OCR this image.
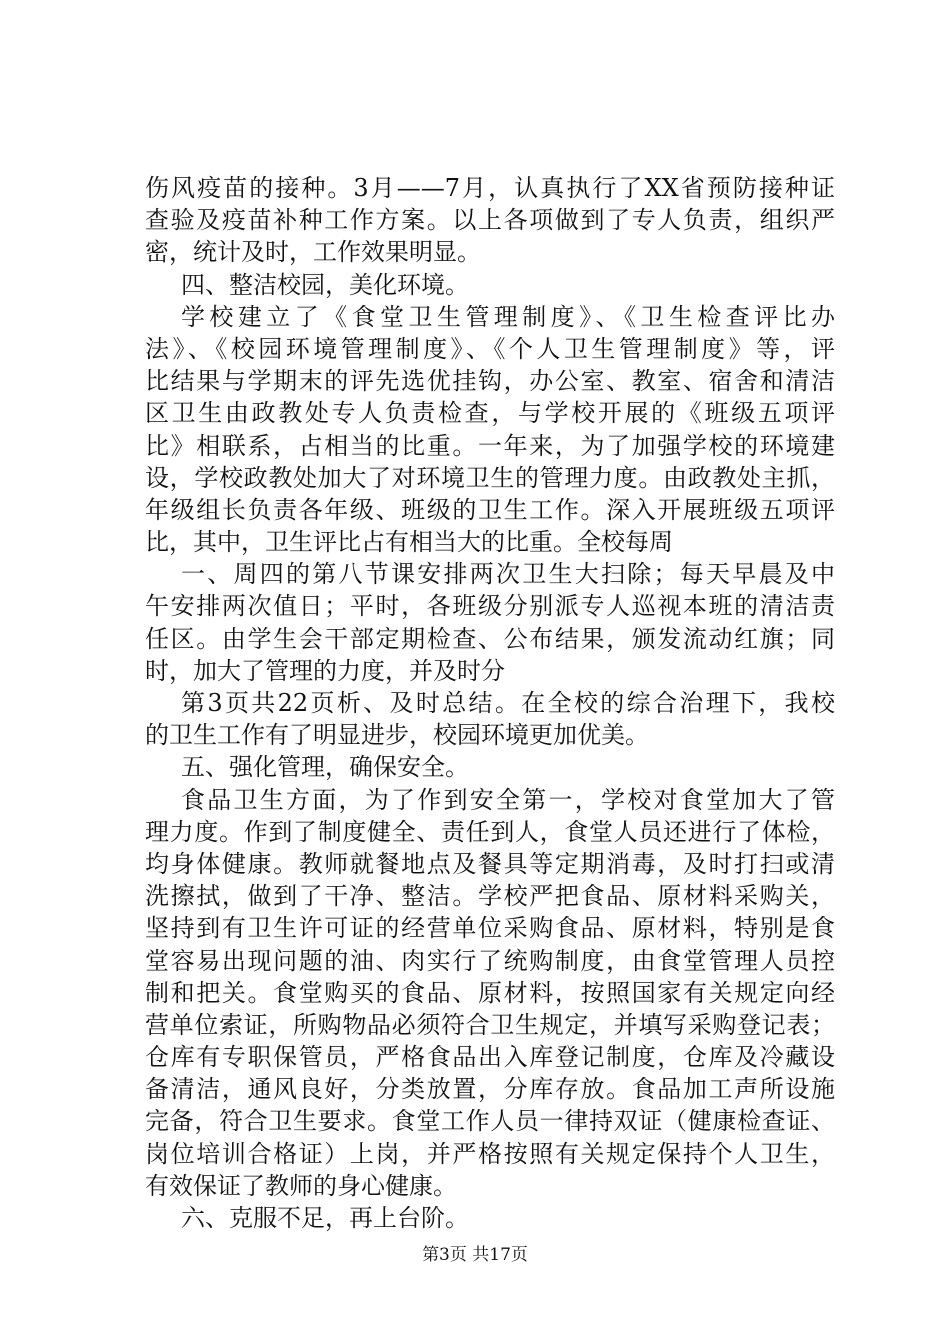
伤风疫苗的接种。3月——7月，认真执行了XX省预防接种证
查验及疫苗补种工作方案。以上各项做到了专人负责，组织严
密，统计及时，工作效果明显。
四、整洁校园，美化环境。
学校建立了《食堂卫生管理制度》、《卫生检查评比办
法》、《校园环境管理制度》、《个人卫生管理制度》等，评
比结果与学期末的评先选优挂钩，办公室、教室、宿舍和清洁
区卫生由政教处专人负责检查，与学校开展的《班级五项评
比》相联系，占相当的比重。一年来，为了加强学校的环境建
设，学校政教处加大了对环境卫生的管理力度。由政教处主抓，
年级组长负责各年级、班级的卫生工作。深入开展班级五项评
比，其中，卫生评比占有相当大的比重。全校每周
一、周四的第八节课安排两次卫生大扫除；每天早晨及中
午安排两次值日；平时，各班级分别派专人巡视本班的清洁责
任区。由学生会干部定期检查、公布结果，颁发流动红旗；同
时，加大了管理的力度，并及时分
第3页共22页析、及时总结。在全校的综合治理下，我校
的卫生工作有了明显进步，校园环境更加优美。
五、强化管理，确保安全。
食品卫生方面，为了作到安全第一，学校对食堂加大了管
理力度。作到了制度健全、责任到人，食堂人员还进行了体检，
均身体健康。教师就餐地点及餐具等定期消毒，及时打扫或清
洗擦拭，做到了干净、整洁。学校严把食品、原材料采购关，
坚持到有卫生许可证的经营单位采购食品、原材料，特别是食
堂容易出现问题的油、肉实行了统购制度，由食堂管理人员控
制和把关。食堂购买的食品、原材料，按照国家有关规定向经
营单位索证，所购物品必须符合卫生规定，并填写采购登记表；
仓库有专职保管员，严格食品出入库登记制度，仓库及冷藏设
备清洁，通风良好，分类放置，分库存放。食品加工声所设施
完备，符合卫生要求。食堂工作人员一律持双证（健康检查证、
岗位培训合格证）上岗，并严格按照有关规定保持个人卫生，
有效保证了教师的身心健康。
六、克服不足，再上台阶。
第3页 共17页
